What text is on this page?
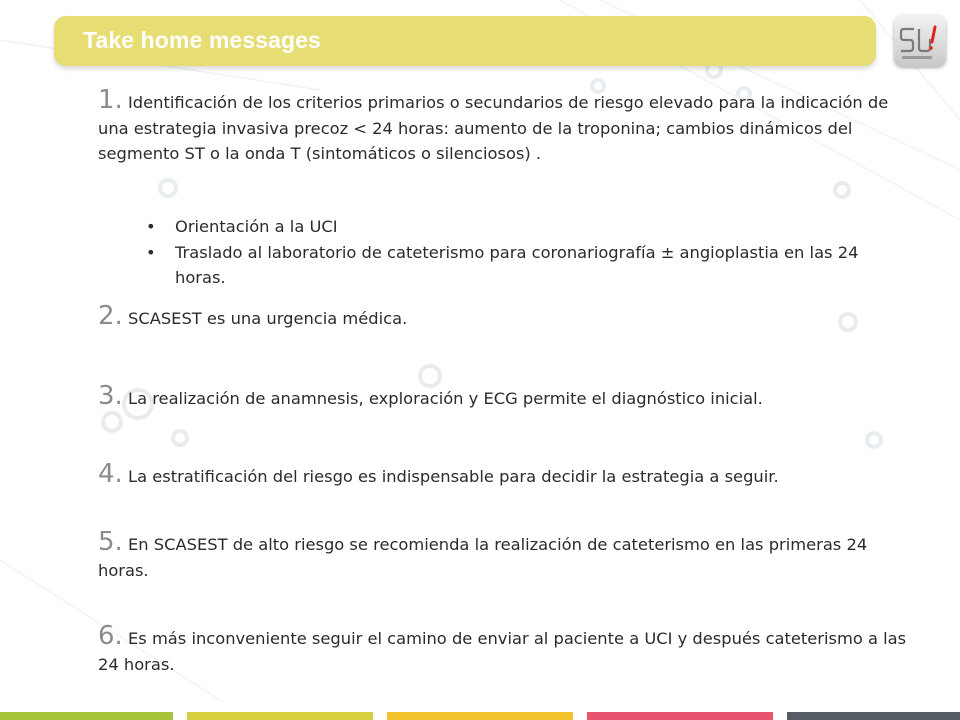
Take home messages
1. Identificación de los criterios primarios o secundarios de riesgo elevado para la indicación de una estrategia invasiva precoz < 24 horas: aumento de la troponina; cambios dinámicos del segmento ST o la onda T (sintomáticos o silenciosos) .
• Orientación a la UCI
• Traslado al laboratorio de cateterismo para coronariografía ± angioplastia en las 24 horas.
2. SCASEST es una urgencia médica.
3. La realización de anamnesis, exploración y ECG permite el diagnóstico inicial.
4. La estratificación del riesgo es indispensable para decidir la estrategia a seguir.
5. En SCASEST de alto riesgo se recomienda la realización de cateterismo en las primeras 24 horas.
6. Es más inconveniente seguir el camino de enviar al paciente a UCI y después cateterismo a las 24 horas.
